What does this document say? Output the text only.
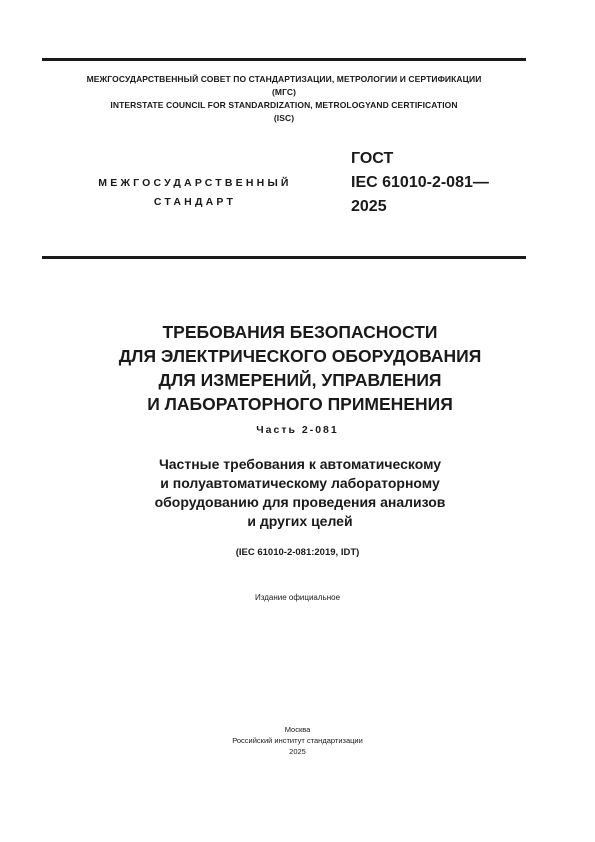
МЕЖГОСУДАРСТВЕННЫЙ СОВЕТ ПО СТАНДАРТИЗАЦИИ, МЕТРОЛОГИИ И СЕРТИФИКАЦИИ
(МГС)
INTERSTATE COUNCIL FOR STANDARDIZATION, METROLOGYAND CERTIFICATION
(ISC)
МЕЖГОСУДАРСТВЕННЫЙ
СТАНДАРТ
ГОСТ
IEC 61010-2-081—
2025
ТРЕБОВАНИЯ БЕЗОПАСНОСТИ
ДЛЯ ЭЛЕКТРИЧЕСКОГО ОБОРУДОВАНИЯ
ДЛЯ ИЗМЕРЕНИЙ, УПРАВЛЕНИЯ
И ЛАБОРАТОРНОГО ПРИМЕНЕНИЯ
Часть 2-081
Частные требования к автоматическому
и полуавтоматическому лабораторному
оборудованию для проведения анализов
и других целей
(IEC 61010-2-081:2019, IDT)
Издание официальное
Москва
Российский институт стандартизации
2025
